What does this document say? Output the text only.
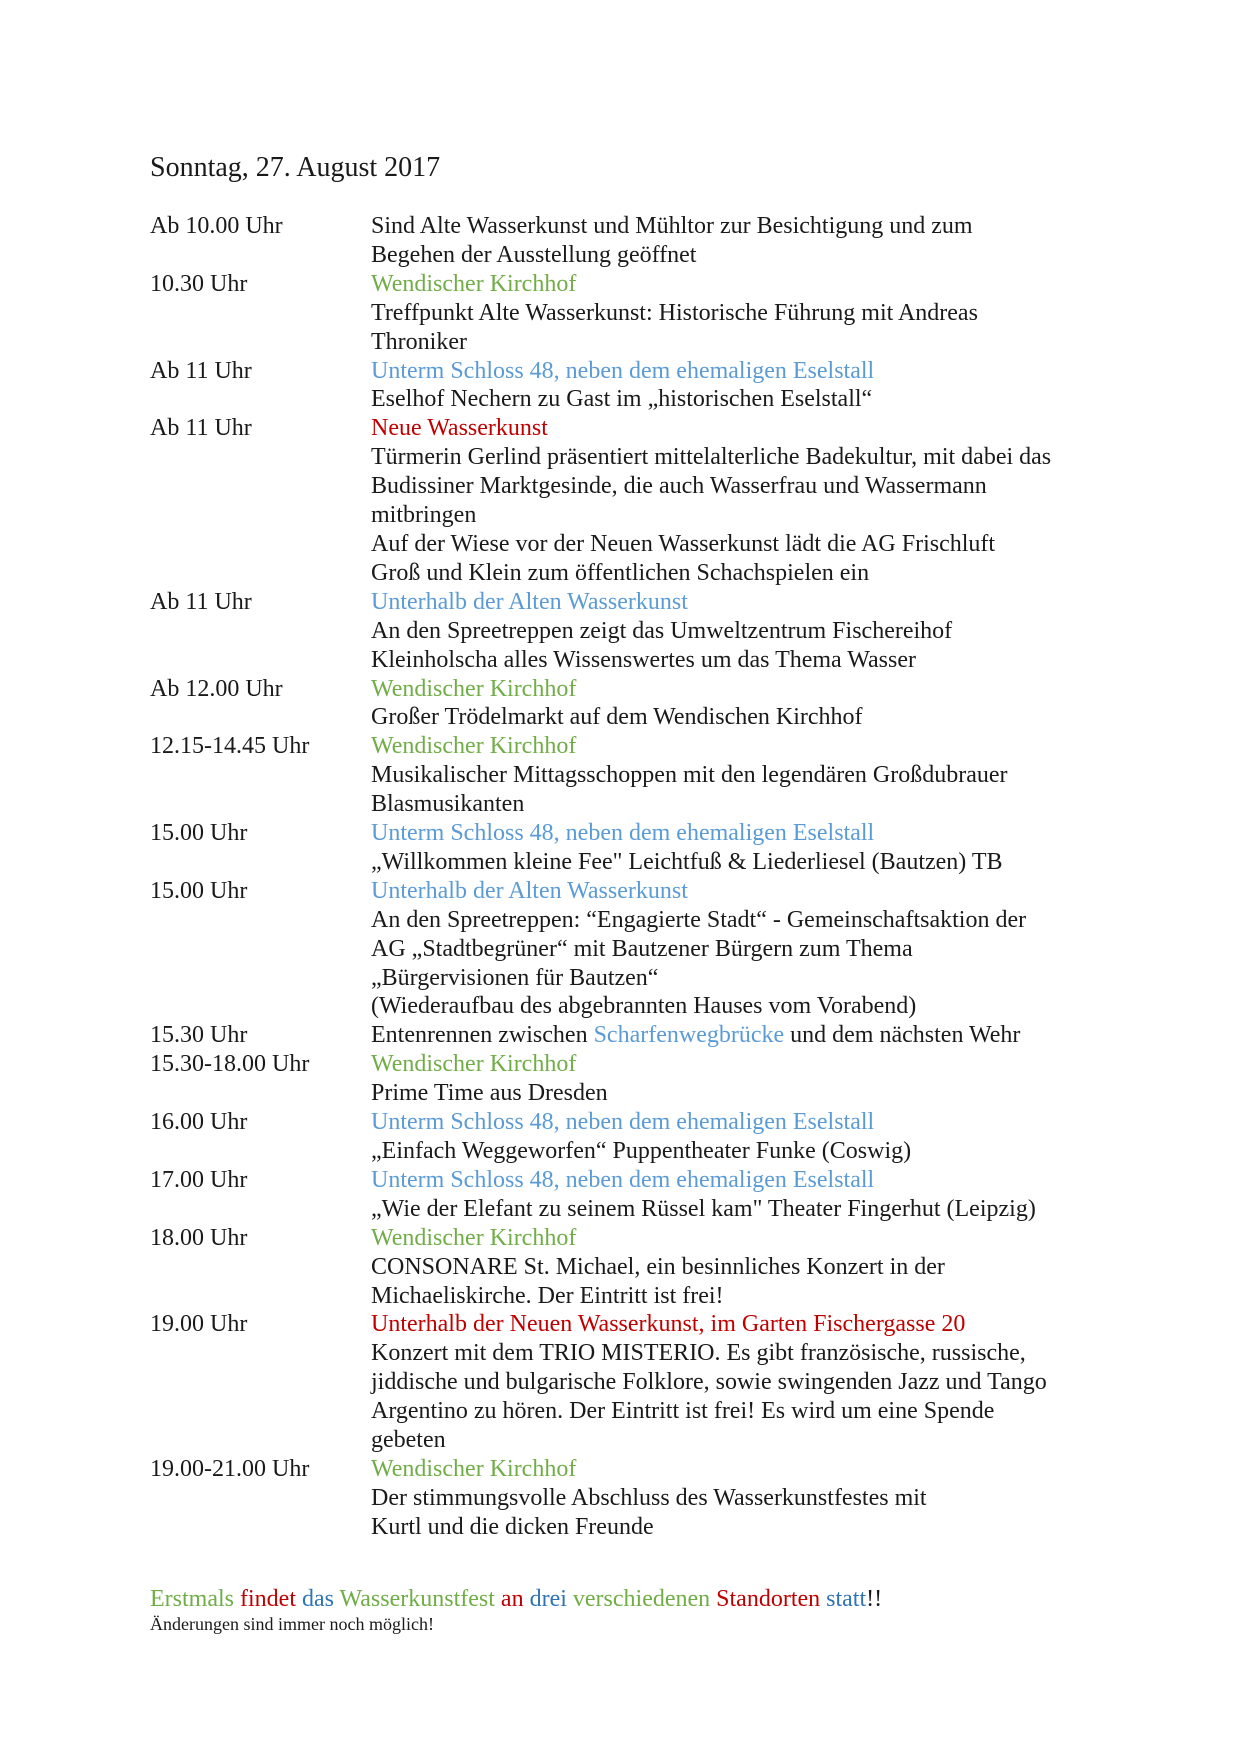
Sonntag, 27. August 2017
Ab 10.00 Uhr	Sind Alte Wasserkunst und Mühltor zur Besichtigung und zum
Begehen der Ausstellung geöffnet
10.30 Uhr	Wendischer Kirchhof
Treffpunkt Alte Wasserkunst: Historische Führung mit Andreas
Throniker
Ab 11 Uhr	Unterm Schloss 48, neben dem ehemaligen Eselstall
Eselhof Nechern zu Gast im „historischen Eselstall“
Ab 11 Uhr	Neue Wasserkunst
Türmerin Gerlind präsentiert mittelalterliche Badekultur, mit dabei das
Budissiner Marktgesinde, die auch Wasserfrau und Wassermann
mitbringen
Auf der Wiese vor der Neuen Wasserkunst lädt die AG Frischluft
Groß und Klein zum öffentlichen Schachspielen ein
Ab 11 Uhr	Unterhalb der Alten Wasserkunst
An den Spreetreppen zeigt das Umweltzentrum Fischereihof
Kleinholscha alles Wissenswertes um das Thema Wasser
Ab 12.00 Uhr	Wendischer Kirchhof
Großer Trödelmarkt auf dem Wendischen Kirchhof
12.15-14.45 Uhr	Wendischer Kirchhof
Musikalischer Mittagsschoppen mit den legendären Großdubrauer
Blasmusikanten
15.00 Uhr	Unterm Schloss 48, neben dem ehemaligen Eselstall
„Willkommen kleine Fee" Leichtfuß & Liederliesel (Bautzen) TB
15.00 Uhr	Unterhalb der Alten Wasserkunst
An den Spreetreppen: “Engagierte Stadt“ - Gemeinschaftsaktion der
AG „Stadtbegrüner“ mit Bautzener Bürgern zum Thema
„Bürgervisionen für Bautzen“
(Wiederaufbau des abgebrannten Hauses vom Vorabend)
15.30 Uhr	Entenrennen zwischen Scharfenwegbrücke und dem nächsten Wehr
15.30-18.00 Uhr	Wendischer Kirchhof
Prime Time aus Dresden
16.00 Uhr	Unterm Schloss 48, neben dem ehemaligen Eselstall
„Einfach Weggeworfen“ Puppentheater Funke (Coswig)
17.00 Uhr	Unterm Schloss 48, neben dem ehemaligen Eselstall
„Wie der Elefant zu seinem Rüssel kam" Theater Fingerhut (Leipzig)
18.00 Uhr	Wendischer Kirchhof
CONSONARE St. Michael, ein besinnliches Konzert in der
Michaeliskirche. Der Eintritt ist frei!
19.00 Uhr	Unterhalb der Neuen Wasserkunst, im Garten Fischergasse 20
Konzert mit dem TRIO MISTERIO. Es gibt französische, russische,
jiddische und bulgarische Folklore, sowie swingenden Jazz und Tango
Argentino zu hören. Der Eintritt ist frei! Es wird um eine Spende
gebeten
19.00-21.00 Uhr	Wendischer Kirchhof
Der stimmungsvolle Abschluss des Wasserkunstfestes mit
Kurtl und die dicken Freunde
Erstmals findet das Wasserkunstfest an drei verschiedenen Standorten statt!!
Änderungen sind immer noch möglich!
